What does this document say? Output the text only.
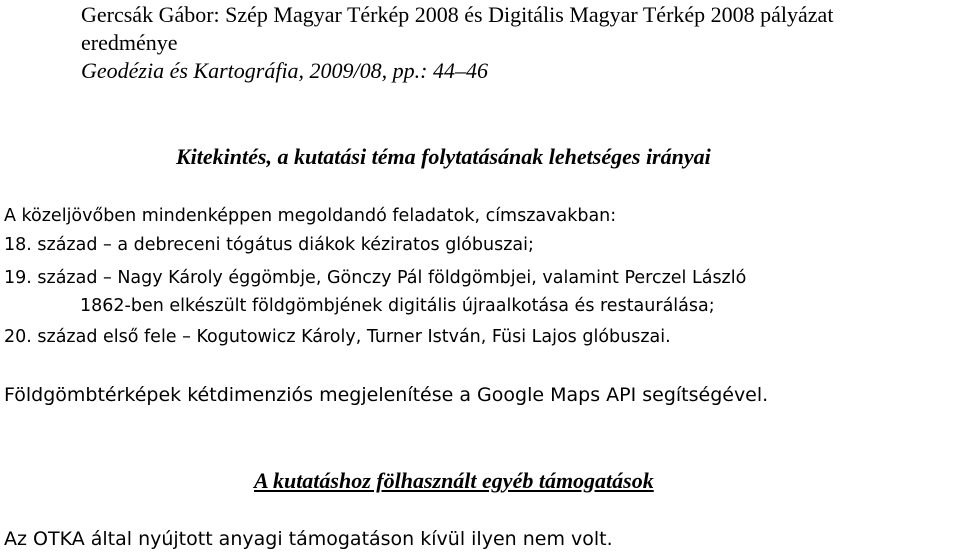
Gercsák Gábor: Szép Magyar Térkép 2008 és Digitális Magyar Térkép 2008 pályázat
eredménye
Geodézia és Kartográfia, 2009/08, pp.: 44–46
Kitekintés, a kutatási téma folytatásának lehetséges irányai
A közeljövőben mindenképpen megoldandó feladatok, címszavakban:
18. század – a debreceni tógátus diákok kéziratos glóbuszai;
19. század – Nagy Károly éggömbje, Gönczy Pál földgömbjei, valamint Perczel László
1862-ben elkészült földgömbjének digitális újraalkotása és restaurálása;
20. század első fele – Kogutowicz Károly, Turner István, Füsi Lajos glóbuszai.
Földgömbtérképek kétdimenziós megjelenítése a Google Maps API segítségével.
A kutatáshoz fölhasznált egyéb támogatások
Az OTKA által nyújtott anyagi támogatáson kívül ilyen nem volt.
